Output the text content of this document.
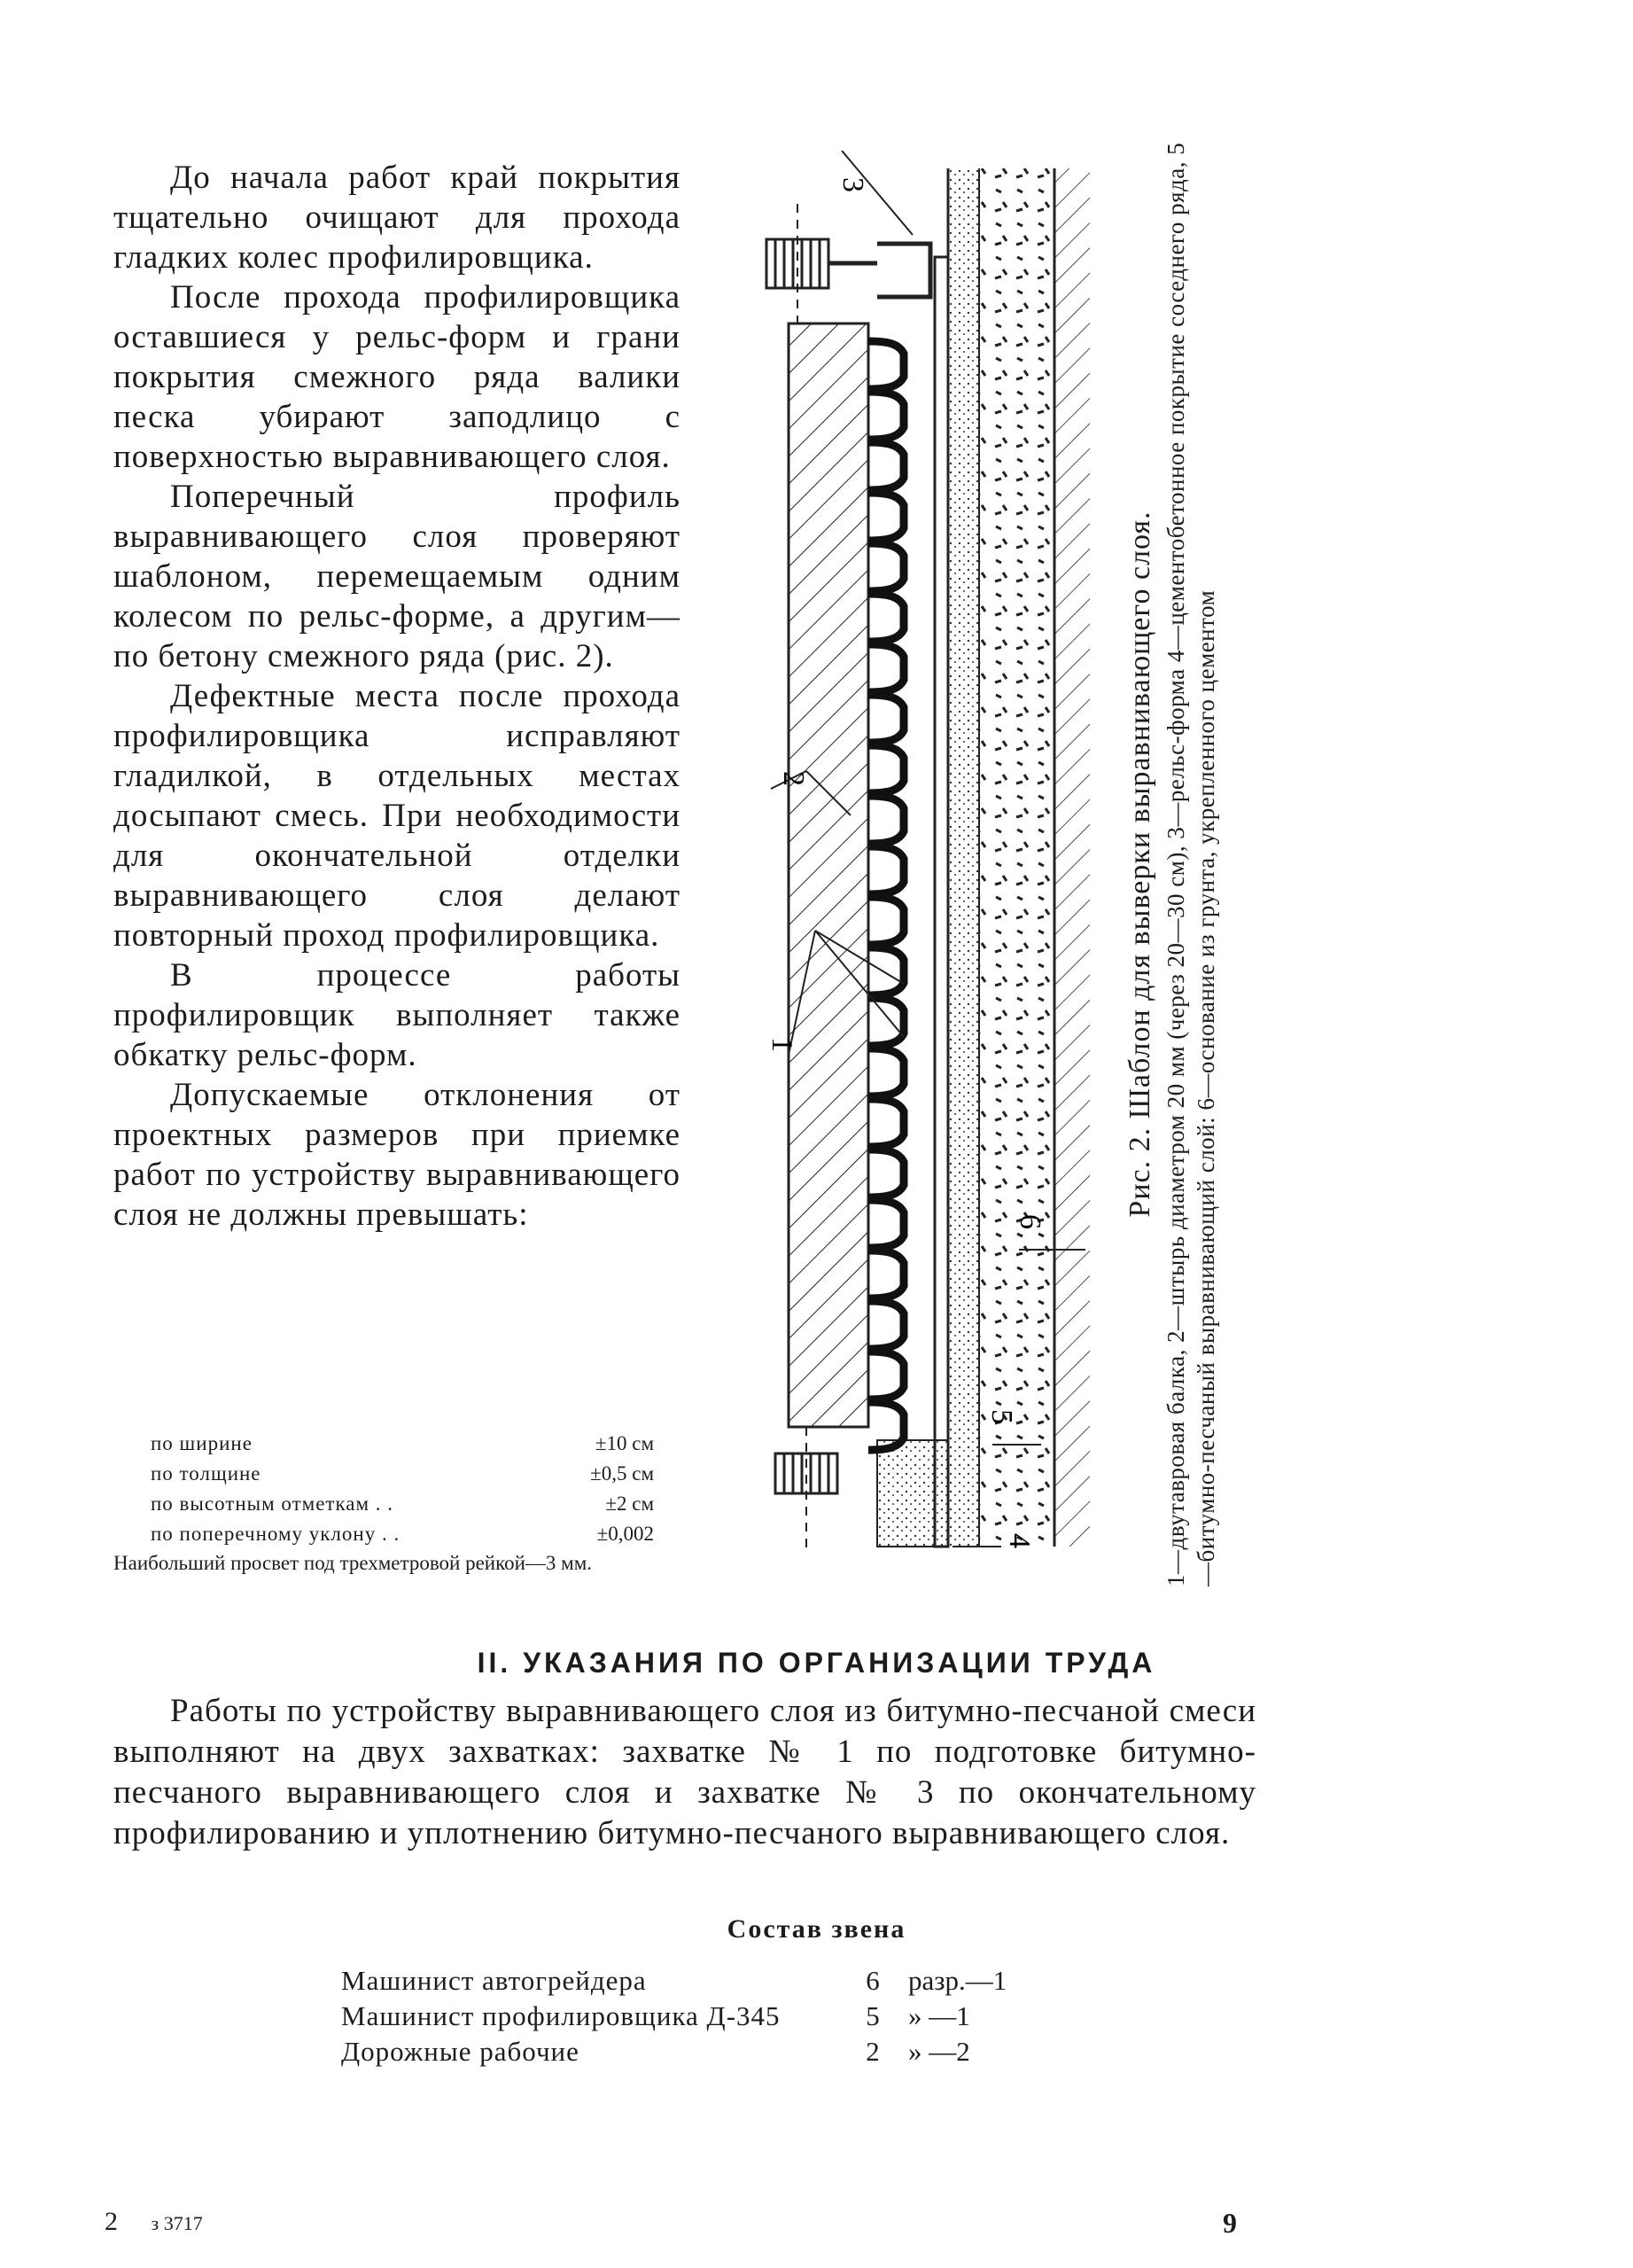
До начала работ край покрытия тщательно очищают для прохода гладких колес профилировщика.

После прохода профилировщика оставшиеся у рельс-форм и грани покрытия смежного ряда валики песка убирают заподлицо с поверхностью выравнивающего слоя.

Поперечный профиль выравнивающего слоя проверяют шаблоном, перемещаемым одним колесом по рельс-форме, а другим—по бетону смежного ряда (рис. 2).

Дефектные места после прохода профилировщика исправляют гладилкой, в отдельных местах досыпают смесь. При необходимости для окончательной отделки выравнивающего слоя делают повторный проход профилировщика.

В процессе работы профилировщик выполняет также обкатку рельс-форм.

Допускаемые отклонения от проектных размеров при приемке работ по устройству выравнивающего слоя не должны превышать:

по ширине	±10 см
по толщине	±0,5 см
по высотным отметкам . .	±2 см
по поперечному уклону . .	±0,002
Наибольший просвет под трехметровой рейкой—3 мм.
3
2
1
6
5
4
Рис. 2. Шаблон для выверки выравнивающего слоя. 1—двутавровая балка, 2—штырь диаметром 20 мм (через 20—30 см), 3—рельс-форма 4—цементобетонное покрытие соседнего ряда, 5—битумно-песчаный выравнивающий слой: 6—основание из грунта, укрепленного цементом
II. УКАЗАНИЯ ПО ОРГАНИЗАЦИИ ТРУДА
Работы по устройству выравнивающего слоя из битумно-песчаной смеси выполняют на двух захватках: захватке № 1 по подготовке битумно-песчаного выравнивающего слоя и захватке № 3 по окончательному профилированию и уплотнению битумно-песчаного выравнивающего слоя.
Состав звена
Машинист автогрейдера	6	разр.—1
Машинист профилировщика Д-345	5	» —1
Дорожные рабочие	2	» —2
2 з 3717	9
